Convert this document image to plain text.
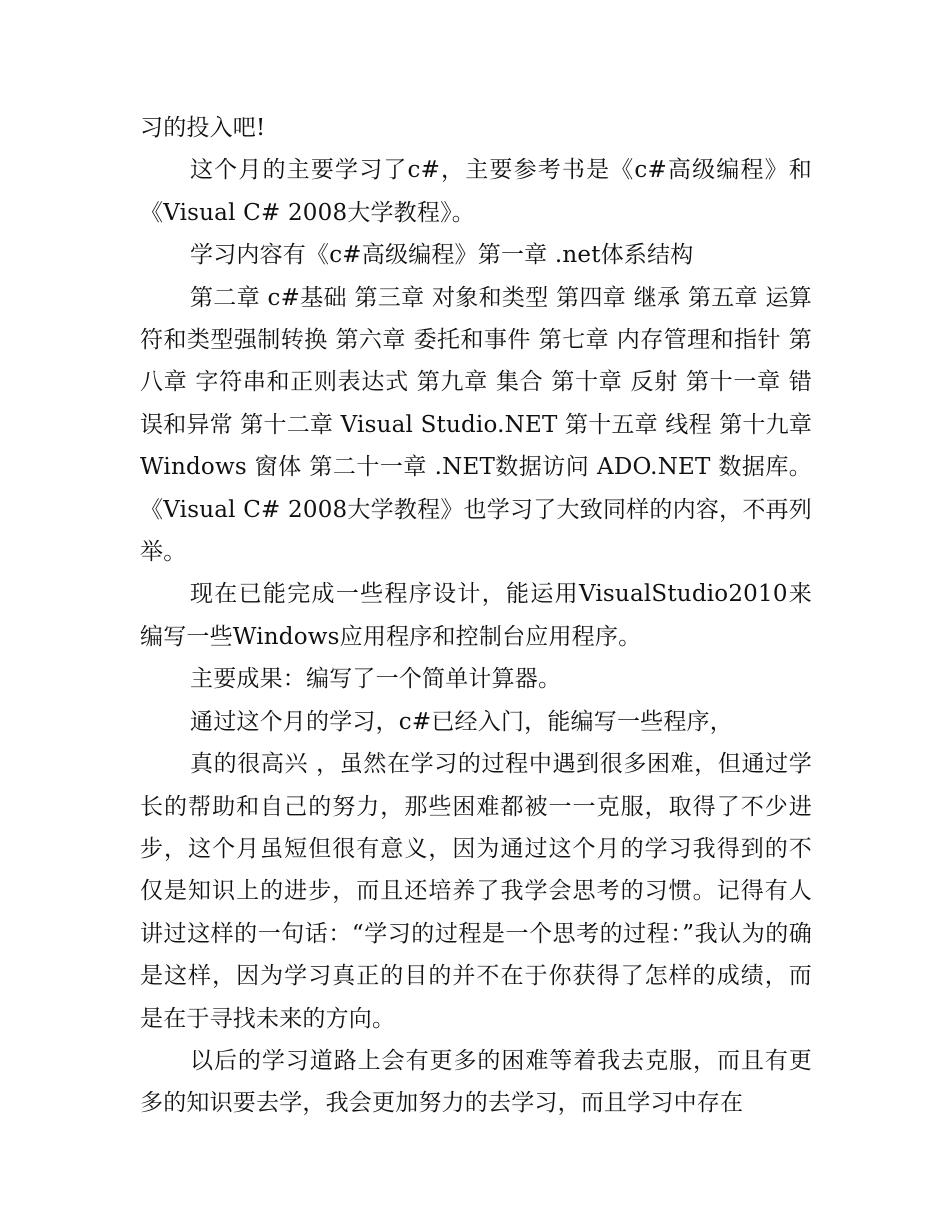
习的投入吧!

这个月的主要学习了c#，主要参考书是《c#高级编程》和《Visual C# 2008大学教程》。

学习内容有《c#高级编程》第一章 .net体系结构

第二章 c#基础 第三章 对象和类型 第四章 继承 第五章 运算符和类型强制转换 第六章 委托和事件 第七章 内存管理和指针 第八章 字符串和正则表达式 第九章 集合 第十章 反射 第十一章 错误和异常 第十二章 Visual Studio.NET 第十五章 线程 第十九章 Windows 窗体 第二十一章 .NET数据访问 ADO.NET 数据库。《Visual C# 2008大学教程》也学习了大致同样的内容，不再列举。

现在已能完成一些程序设计，能运用VisualStudio2010来编写一些Windows应用程序和控制台应用程序。

主要成果：编写了一个简单计算器。

通过这个月的学习，c#已经入门，能编写一些程序，

真的很高兴 ，虽然在学习的过程中遇到很多困难，但通过学长的帮助和自己的努力，那些困难都被一一克服，取得了不少进步，这个月虽短但很有意义，因为通过这个月的学习我得到的不仅是知识上的进步，而且还培养了我学会思考的习惯。记得有人讲过这样的一句话：“学习的过程是一个思考的过程：”我认为的确是这样，因为学习真正的目的并不在于你获得了怎样的成绩，而是在于寻找未来的方向。

以后的学习道路上会有更多的困难等着我去克服，而且有更多的知识要去学，我会更加努力的去学习，而且学习中存在
